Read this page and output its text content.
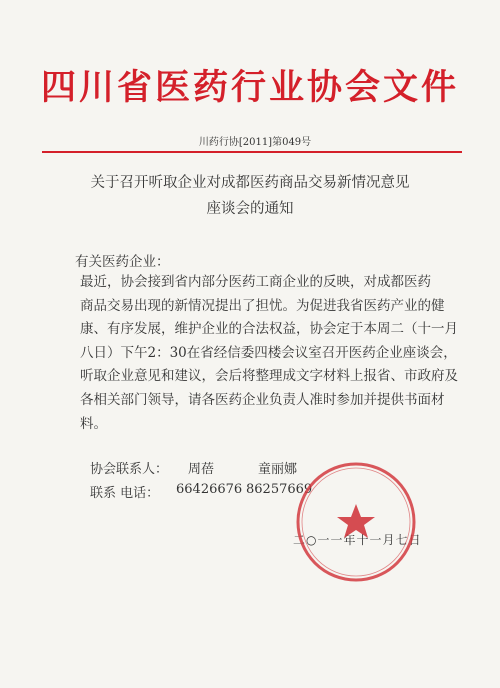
四川省医药行业协会文件
川药行协[2011]第049号
关于召开听取企业对成都医药商品交易新情况意见
座谈会的通知
有关医药企业：
最近，协会接到省内部分医药工商企业的反映，对成都医药
商品交易出现的新情况提出了担忧。为促进我省医药产业的健
康、有序发展，维护企业的合法权益，协会定于本周二（十一月
八日）下午2：30在省经信委四楼会议室召开医药企业座谈会，
听取企业意见和建议，会后将整理成文字材料上报省、市政府及
各相关部门领导，请各医药企业负责人准时参加并提供书面材
料。
协会联系人： 周蓓	童丽娜
联系 电话： 66426676 86257669
二○一一年十一月七日
